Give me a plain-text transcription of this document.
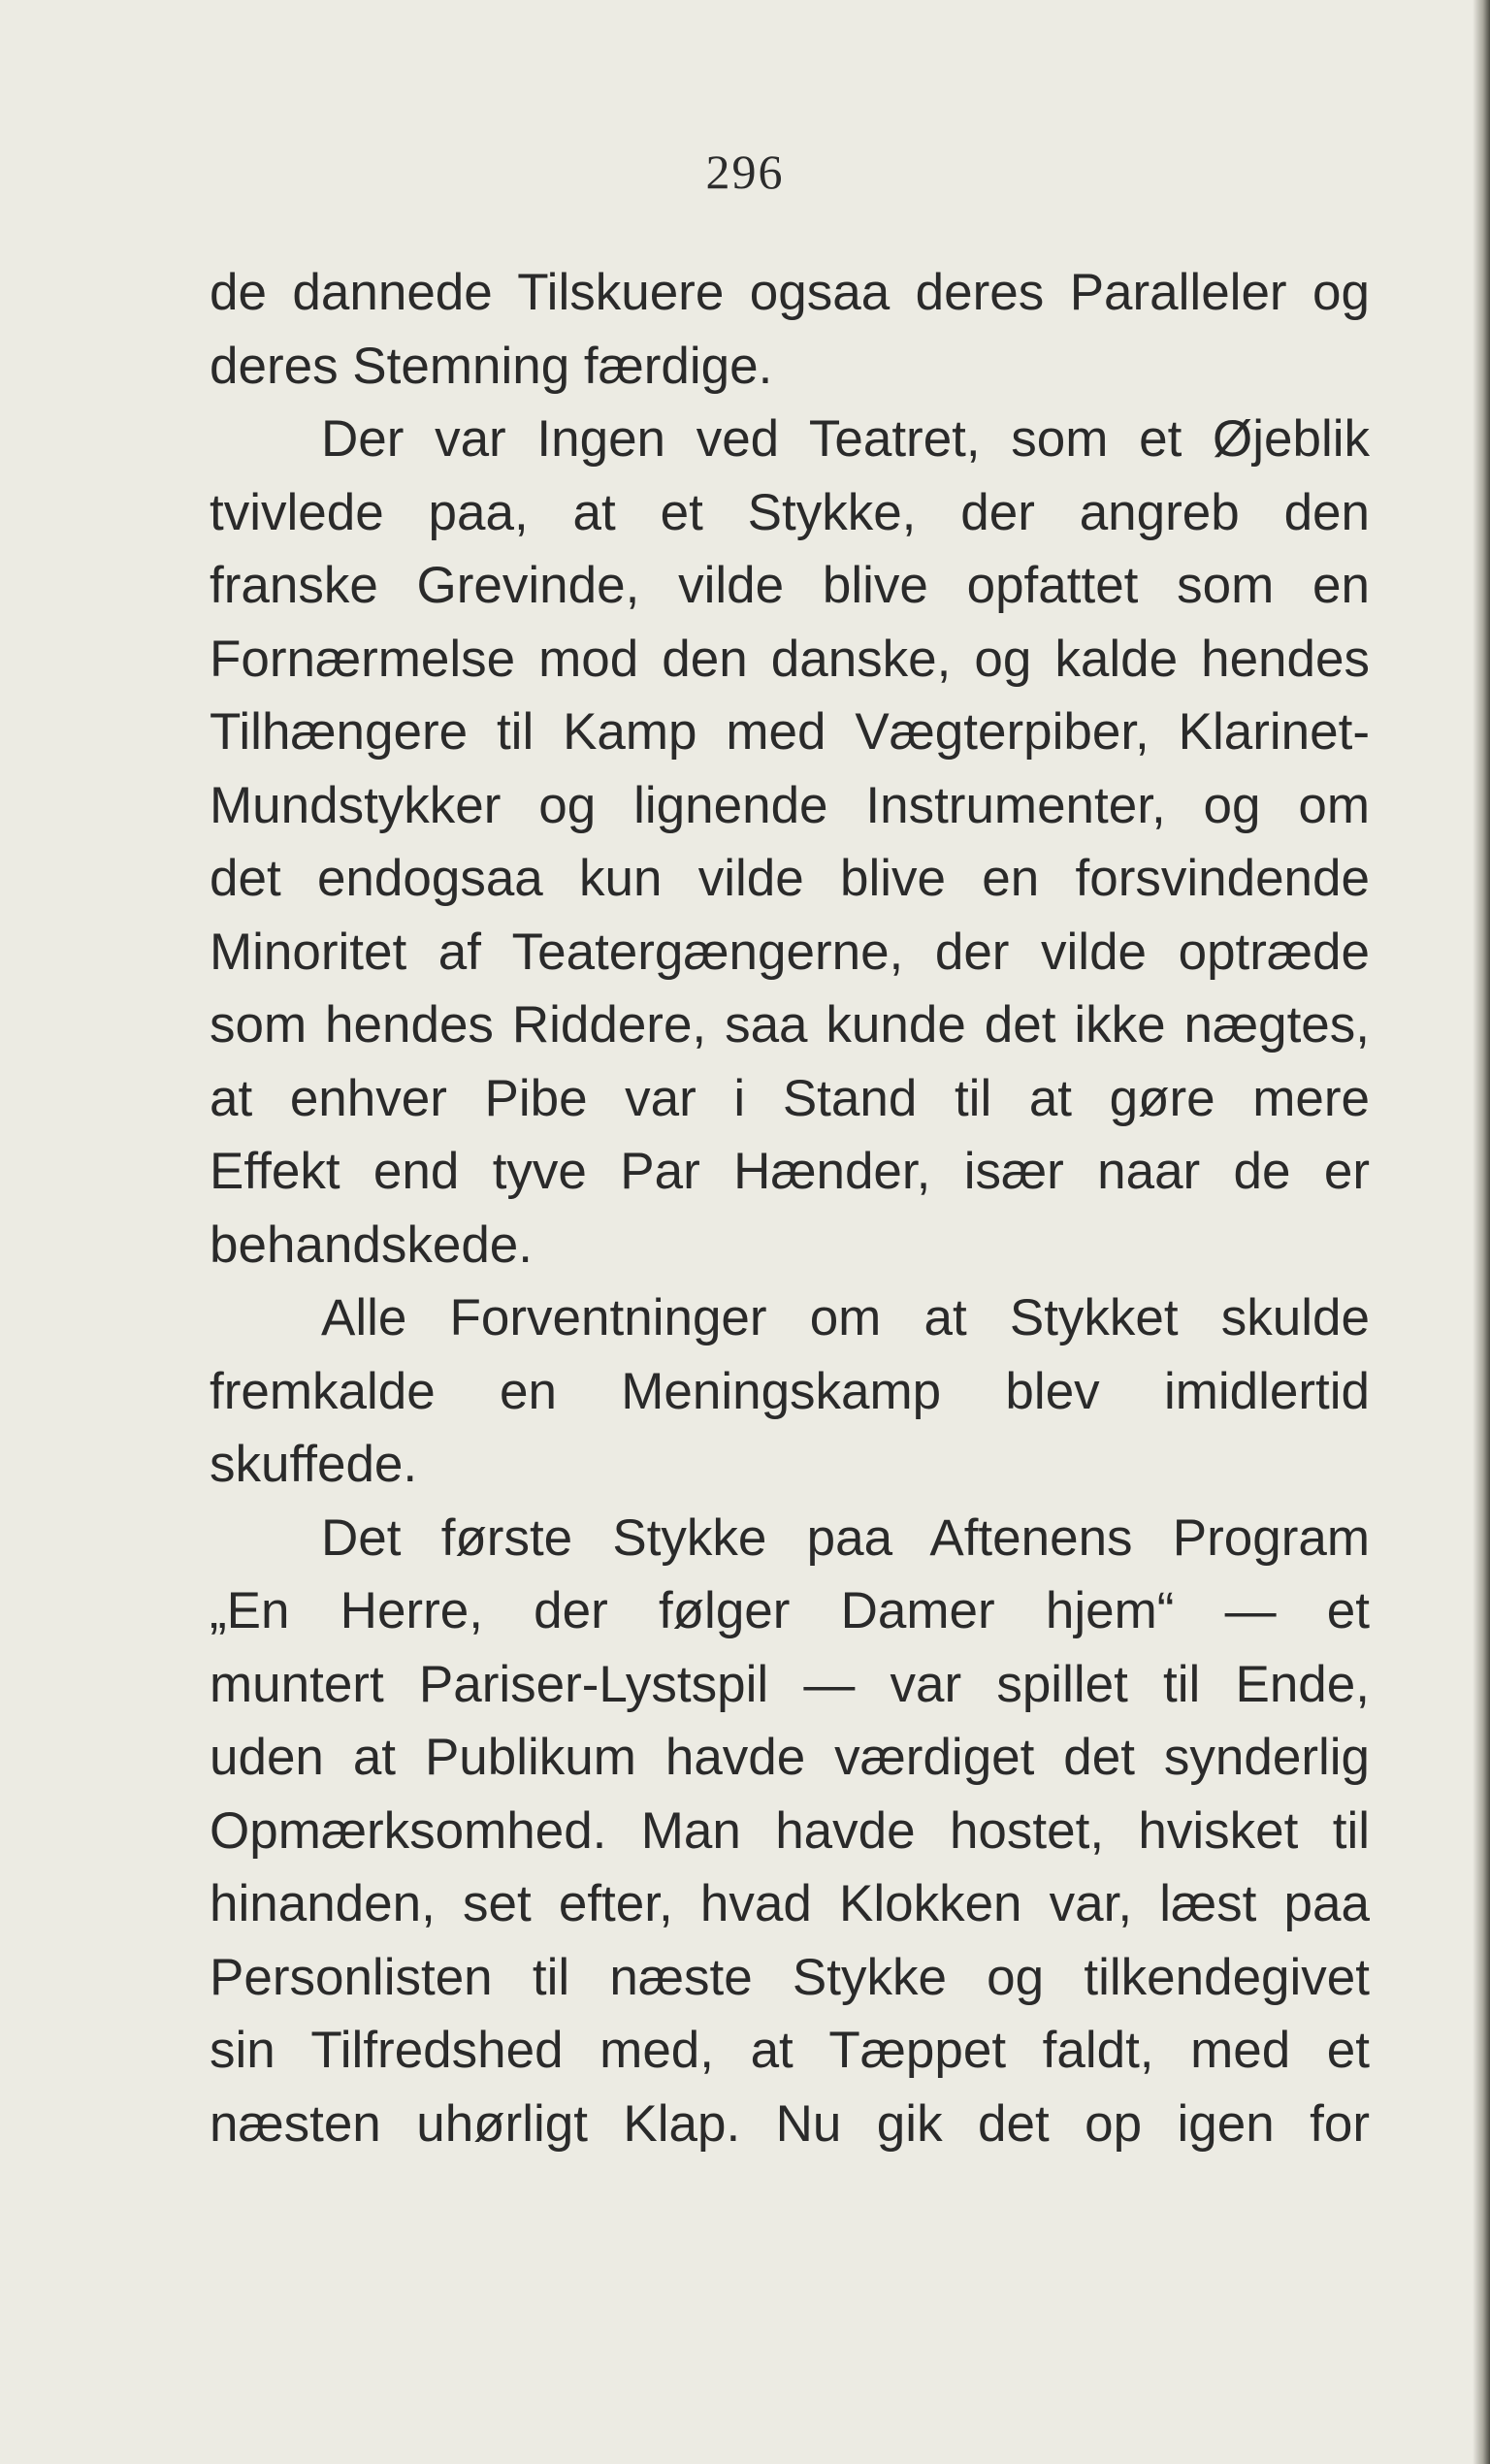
296
de dannede Tilskuere ogsaa deres Paralleler og
deres Stemning færdige.
Der var Ingen ved Teatret, som et Øjeblik
tvivlede paa, at et Stykke, der angreb den
franske Grevinde, vilde blive opfattet som en
Fornærmelse mod den danske, og kalde hendes
Tilhængere til Kamp med Vægterpiber, Klarinet-
Mundstykker og lignende Instrumenter, og om
det endogsaa kun vilde blive en forsvindende
Minoritet af Teatergængerne, der vilde optræde
som hendes Riddere, saa kunde det ikke nægtes,
at enhver Pibe var i Stand til at gøre mere
Effekt end tyve Par Hænder, især naar de er
behandskede.
Alle Forventninger om at Stykket skulde
fremkalde en Meningskamp blev imidlertid
skuffede.
Det første Stykke paa Aftenens Program
„En Herre, der følger Damer hjem“ — et
muntert Pariser-Lystspil — var spillet til Ende,
uden at Publikum havde værdiget det synderlig
Opmærksomhed. Man havde hostet, hvisket til
hinanden, set efter, hvad Klokken var, læst paa
Personlisten til næste Stykke og tilkendegivet
sin Tilfredshed med, at Tæppet faldt, med et
næsten uhørligt Klap. Nu gik det op igen for
